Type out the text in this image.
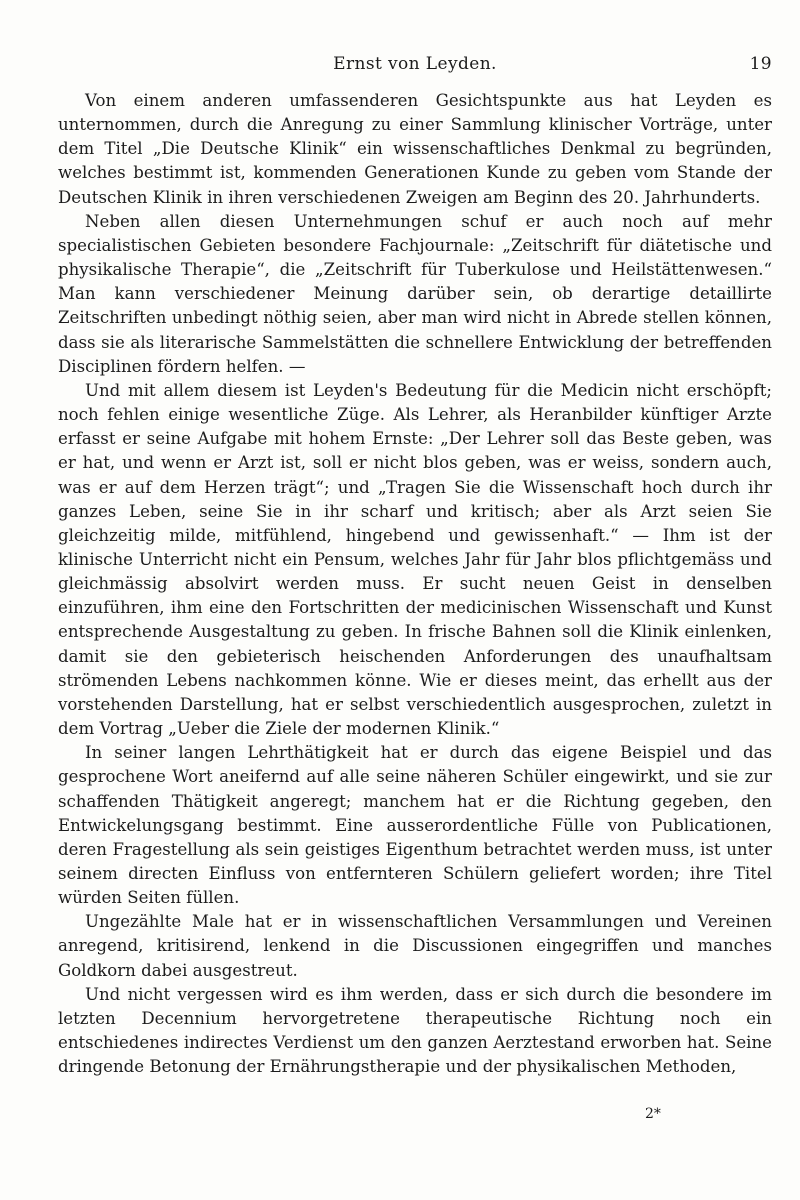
Ernst von Leyden.	19

Von einem anderen umfassenderen Gesichtspunkte aus hat Leyden es unternommen, durch die Anregung zu einer Sammlung klinischer Vorträge, unter dem Titel „Die Deutsche Klinik“ ein wissenschaftliches Denkmal zu begründen, welches bestimmt ist, kommenden Generationen Kunde zu geben vom Stande der Deutschen Klinik in ihren verschiedenen Zweigen am Beginn des 20. Jahrhunderts.

Neben allen diesen Unternehmungen schuf er auch noch auf mehr specialistischen Gebieten besondere Fachjournale: „Zeitschrift für diätetische und physikalische Therapie“, die „Zeitschrift für Tuberkulose und Heilstättenwesen.“ Man kann verschiedener Meinung darüber sein, ob derartige detaillirte Zeitschriften unbedingt nöthig seien, aber man wird nicht in Abrede stellen können, dass sie als literarische Sammelstätten die schnellere Entwicklung der betreffenden Disciplinen fördern helfen. —

Und mit allem diesem ist Leyden's Bedeutung für die Medicin nicht erschöpft; noch fehlen einige wesentliche Züge. Als Lehrer, als Heranbilder künftiger Arzte erfasst er seine Aufgabe mit hohem Ernste: „Der Lehrer soll das Beste geben, was er hat, und wenn er Arzt ist, soll er nicht blos geben, was er weiss, sondern auch, was er auf dem Herzen trägt“; und „Tragen Sie die Wissenschaft hoch durch ihr ganzes Leben, seine Sie in ihr scharf und kritisch; aber als Arzt seien Sie gleichzeitig milde, mitfühlend, hingebend und gewissenhaft.“ — Ihm ist der klinische Unterricht nicht ein Pensum, welches Jahr für Jahr blos pflichtgemäss und gleichmässig absolvirt werden muss. Er sucht neuen Geist in denselben einzuführen, ihm eine den Fortschritten der medicinischen Wissenschaft und Kunst entsprechende Ausgestaltung zu geben. In frische Bahnen soll die Klinik einlenken, damit sie den gebieterisch heischenden Anforderungen des unaufhaltsam strömenden Lebens nachkommen könne. Wie er dieses meint, das erhellt aus der vorstehenden Darstellung, hat er selbst verschiedentlich ausgesprochen, zuletzt in dem Vortrag „Ueber die Ziele der modernen Klinik.“

In seiner langen Lehrthätigkeit hat er durch das eigene Beispiel und das gesprochene Wort aneifernd auf alle seine näheren Schüler eingewirkt, und sie zur schaffenden Thätigkeit angeregt; manchem hat er die Richtung gegeben, den Entwickelungsgang bestimmt. Eine ausserordentliche Fülle von Publicationen, deren Fragestellung als sein geistiges Eigenthum betrachtet werden muss, ist unter seinem directen Einfluss von entfernteren Schülern geliefert worden; ihre Titel würden Seiten füllen.

Ungezählte Male hat er in wissenschaftlichen Versammlungen und Vereinen anregend, kritisirend, lenkend in die Discussionen eingegriffen und manches Goldkorn dabei ausgestreut.

Und nicht vergessen wird es ihm werden, dass er sich durch die besondere im letzten Decennium hervorgetretene therapeutische Richtung noch ein entschiedenes indirectes Verdienst um den ganzen Aerztestand erworben hat. Seine dringende Betonung der Ernährungstherapie und der physikalischen Methoden,

2*
